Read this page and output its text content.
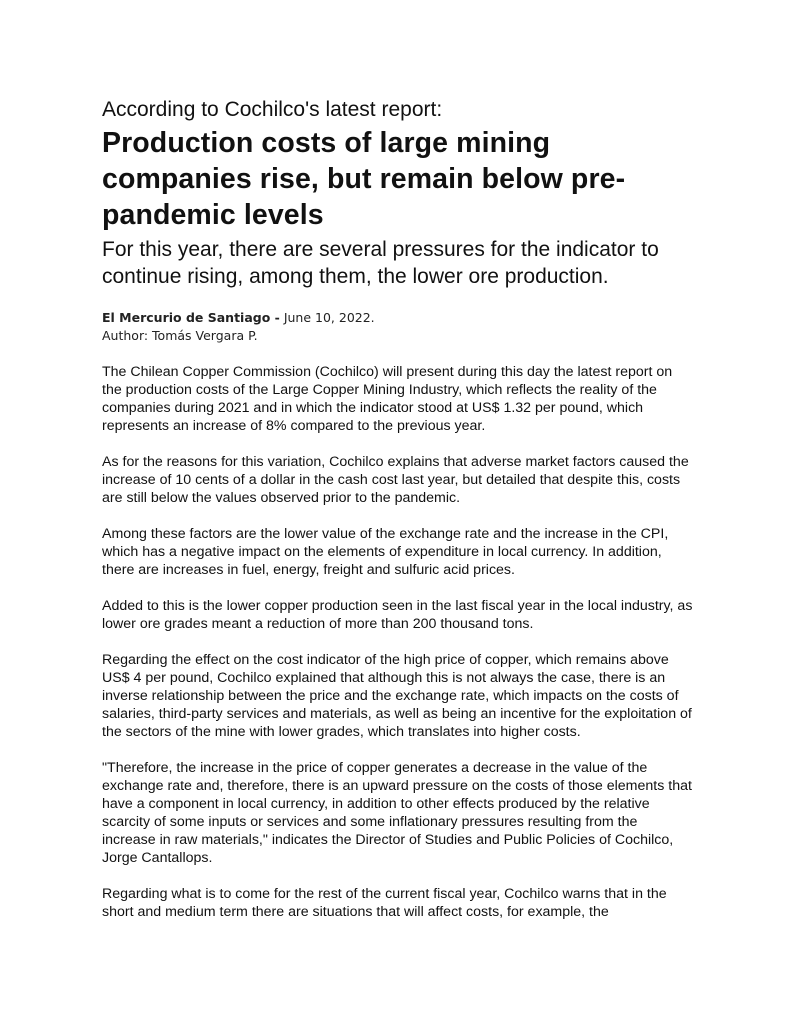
According to Cochilco's latest report:
Production costs of large mining companies rise, but remain below pre-pandemic levels
For this year, there are several pressures for the indicator to continue rising, among them, the lower ore production.
El Mercurio de Santiago - June 10, 2022.
Author: Tomás Vergara P.

The Chilean Copper Commission (Cochilco) will present during this day the latest report on the production costs of the Large Copper Mining Industry, which reflects the reality of the companies during 2021 and in which the indicator stood at US$ 1.32 per pound, which represents an increase of 8% compared to the previous year.

As for the reasons for this variation, Cochilco explains that adverse market factors caused the increase of 10 cents of a dollar in the cash cost last year, but detailed that despite this, costs are still below the values observed prior to the pandemic.

Among these factors are the lower value of the exchange rate and the increase in the CPI, which has a negative impact on the elements of expenditure in local currency. In addition, there are increases in fuel, energy, freight and sulfuric acid prices.

Added to this is the lower copper production seen in the last fiscal year in the local industry, as lower ore grades meant a reduction of more than 200 thousand tons.

Regarding the effect on the cost indicator of the high price of copper, which remains above US$ 4 per pound, Cochilco explained that although this is not always the case, there is an inverse relationship between the price and the exchange rate, which impacts on the costs of salaries, third-party services and materials, as well as being an incentive for the exploitation of the sectors of the mine with lower grades, which translates into higher costs.

"Therefore, the increase in the price of copper generates a decrease in the value of the exchange rate and, therefore, there is an upward pressure on the costs of those elements that have a component in local currency, in addition to other effects produced by the relative scarcity of some inputs or services and some inflationary pressures resulting from the increase in raw materials," indicates the Director of Studies and Public Policies of Cochilco, Jorge Cantallops.

Regarding what is to come for the rest of the current fiscal year, Cochilco warns that in the short and medium term there are situations that will affect costs, for example, the
